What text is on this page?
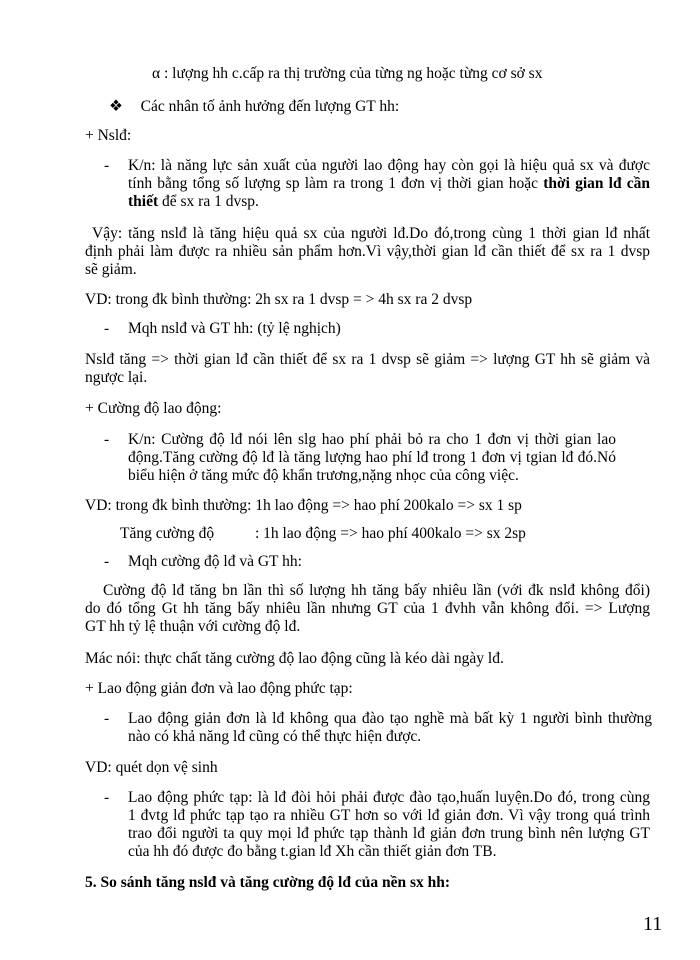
α : lượng hh c.cấp ra thị trường của từng ng hoặc từng cơ sở sx
❖ Các nhân tố ảnh hưởng đến lượng GT hh:
+ Nslđ:
-	K/n: là năng lực sản xuất của người lao động hay còn gọi là hiệu quả sx và được
tính bằng tổng số lượng sp làm ra trong 1 đơn vị thời gian hoặc thời gian lđ cần
thiết để sx ra 1 dvsp.
Vậy: tăng nslđ là tăng hiệu quả sx của người lđ.Do đó,trong cùng 1 thời gian lđ nhất
định phải làm được ra nhiều sản phẩm hơn.Vì vậy,thời gian lđ cần thiết để sx ra 1 dvsp
sẽ giảm.
VD: trong đk bình thường: 2h sx ra 1 dvsp = > 4h sx ra 2 dvsp
-	Mqh nslđ và GT hh: (tỷ lệ nghịch)
Nslđ tăng => thời gian lđ cần thiết để sx ra 1 dvsp sẽ giảm => lượng GT hh sẽ giảm và
ngược lại.
+ Cường độ lao động:
-	K/n: Cường độ lđ nói lên slg hao phí phải bỏ ra cho 1 đơn vị thời gian lao
động.Tăng cường độ lđ là tăng lượng hao phí lđ trong 1 đơn vị tgian lđ đó.Nó
biểu hiện ở tăng mức độ khẩn trương,nặng nhọc của công việc.
VD: trong đk bình thường: 1h lao động => hao phí 200kalo => sx 1 sp
Tăng cường độ	: 1h lao động => hao phí 400kalo => sx 2sp
-	Mqh cường độ lđ và GT hh:
Cường độ lđ tăng bn lần thì số lượng hh tăng bấy nhiêu lần (với đk nslđ không đổi)
do đó tổng Gt hh tăng bấy nhiêu lần nhưng GT của 1 đvhh vẫn không đổi. => Lượng
GT hh tỷ lệ thuận với cường độ lđ.
Mác nói: thực chất tăng cường độ lao động cũng là kéo dài ngày lđ.
+ Lao động giản đơn và lao động phức tạp:
-	Lao động giản đơn là lđ không qua đào tạo nghề mà bất kỳ 1 người bình thường
nào có khả năng lđ cũng có thể thực hiện được.
VD: quét dọn vệ sinh
-	Lao động phức tạp: là lđ đòi hỏi phải được đào tạo,huấn luyện.Do đó, trong cùng
1 đvtg lđ phức tạp tạo ra nhiều GT hơn so với lđ giản đơn. Vì vậy trong quá trình
trao đổi người ta quy mọi lđ phức tạp thành lđ giản đơn trung bình nên lượng GT
của hh đó được đo bằng t.gian lđ Xh cần thiết giản đơn TB.
5. So sánh tăng nslđ và tăng cường độ lđ của nền sx hh:
11
